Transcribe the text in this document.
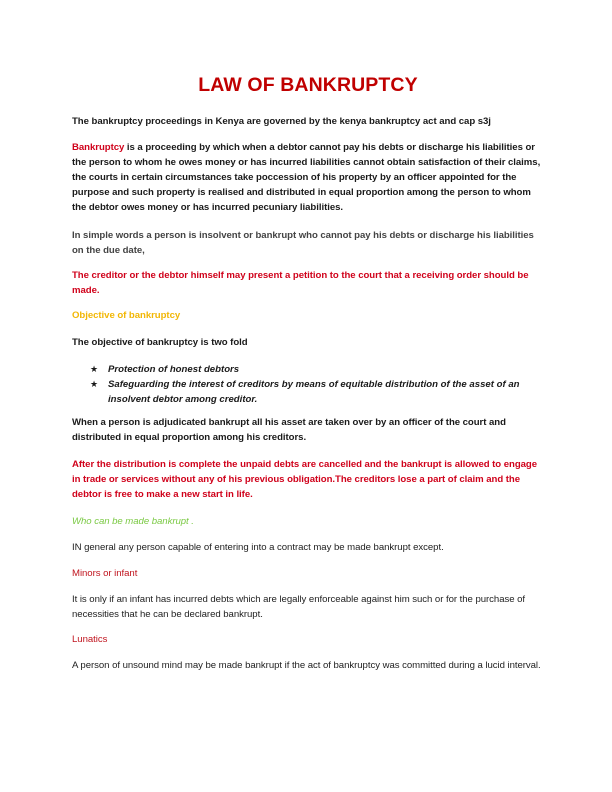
LAW OF BANKRUPTCY

The bankruptcy proceedings in Kenya are governed by the kenya bankruptcy act and cap s3j

Bankruptcy is a proceeding by which when a debtor cannot pay his debts or discharge his liabilities or the person to whom he owes money or has incurred liabilities cannot obtain satisfaction of their claims, the courts in certain circumstances take poccession of his property by an officer appointed for the purpose and such property is realised and distributed in equal proportion among the person to whom the debtor owes money or has incurred pecuniary liabilities.

In simple words a person is insolvent or bankrupt who cannot pay his debts or discharge his liabilities on the due date,

The creditor or the debtor himself may present a petition to the court that a receiving order should be made.

Objective of bankruptcy

The objective of bankruptcy is two fold

★ Protection of honest debtors
★ Safeguarding the interest of creditors by means of equitable distribution of the asset of an insolvent debtor among creditor.

When a person is adjudicated bankrupt all his asset are taken over by an officer of the court and distributed in equal proportion among his creditors.

After the distribution is complete the unpaid debts are cancelled and the bankrupt is allowed to engage in trade or services without any of his previous obligation.The creditors lose a part of claim and the debtor is free to make a new start in life.

Who can be made bankrupt .

IN general any person capable of entering into a contract may be made bankrupt except.

Minors or infant

It is only if an infant has incurred debts which are legally enforceable against him such or for the purchase of necessities that he can be declared bankrupt.

Lunatics

A person of unsound mind may be made bankrupt if the act of bankruptcy was committed during a lucid interval.
